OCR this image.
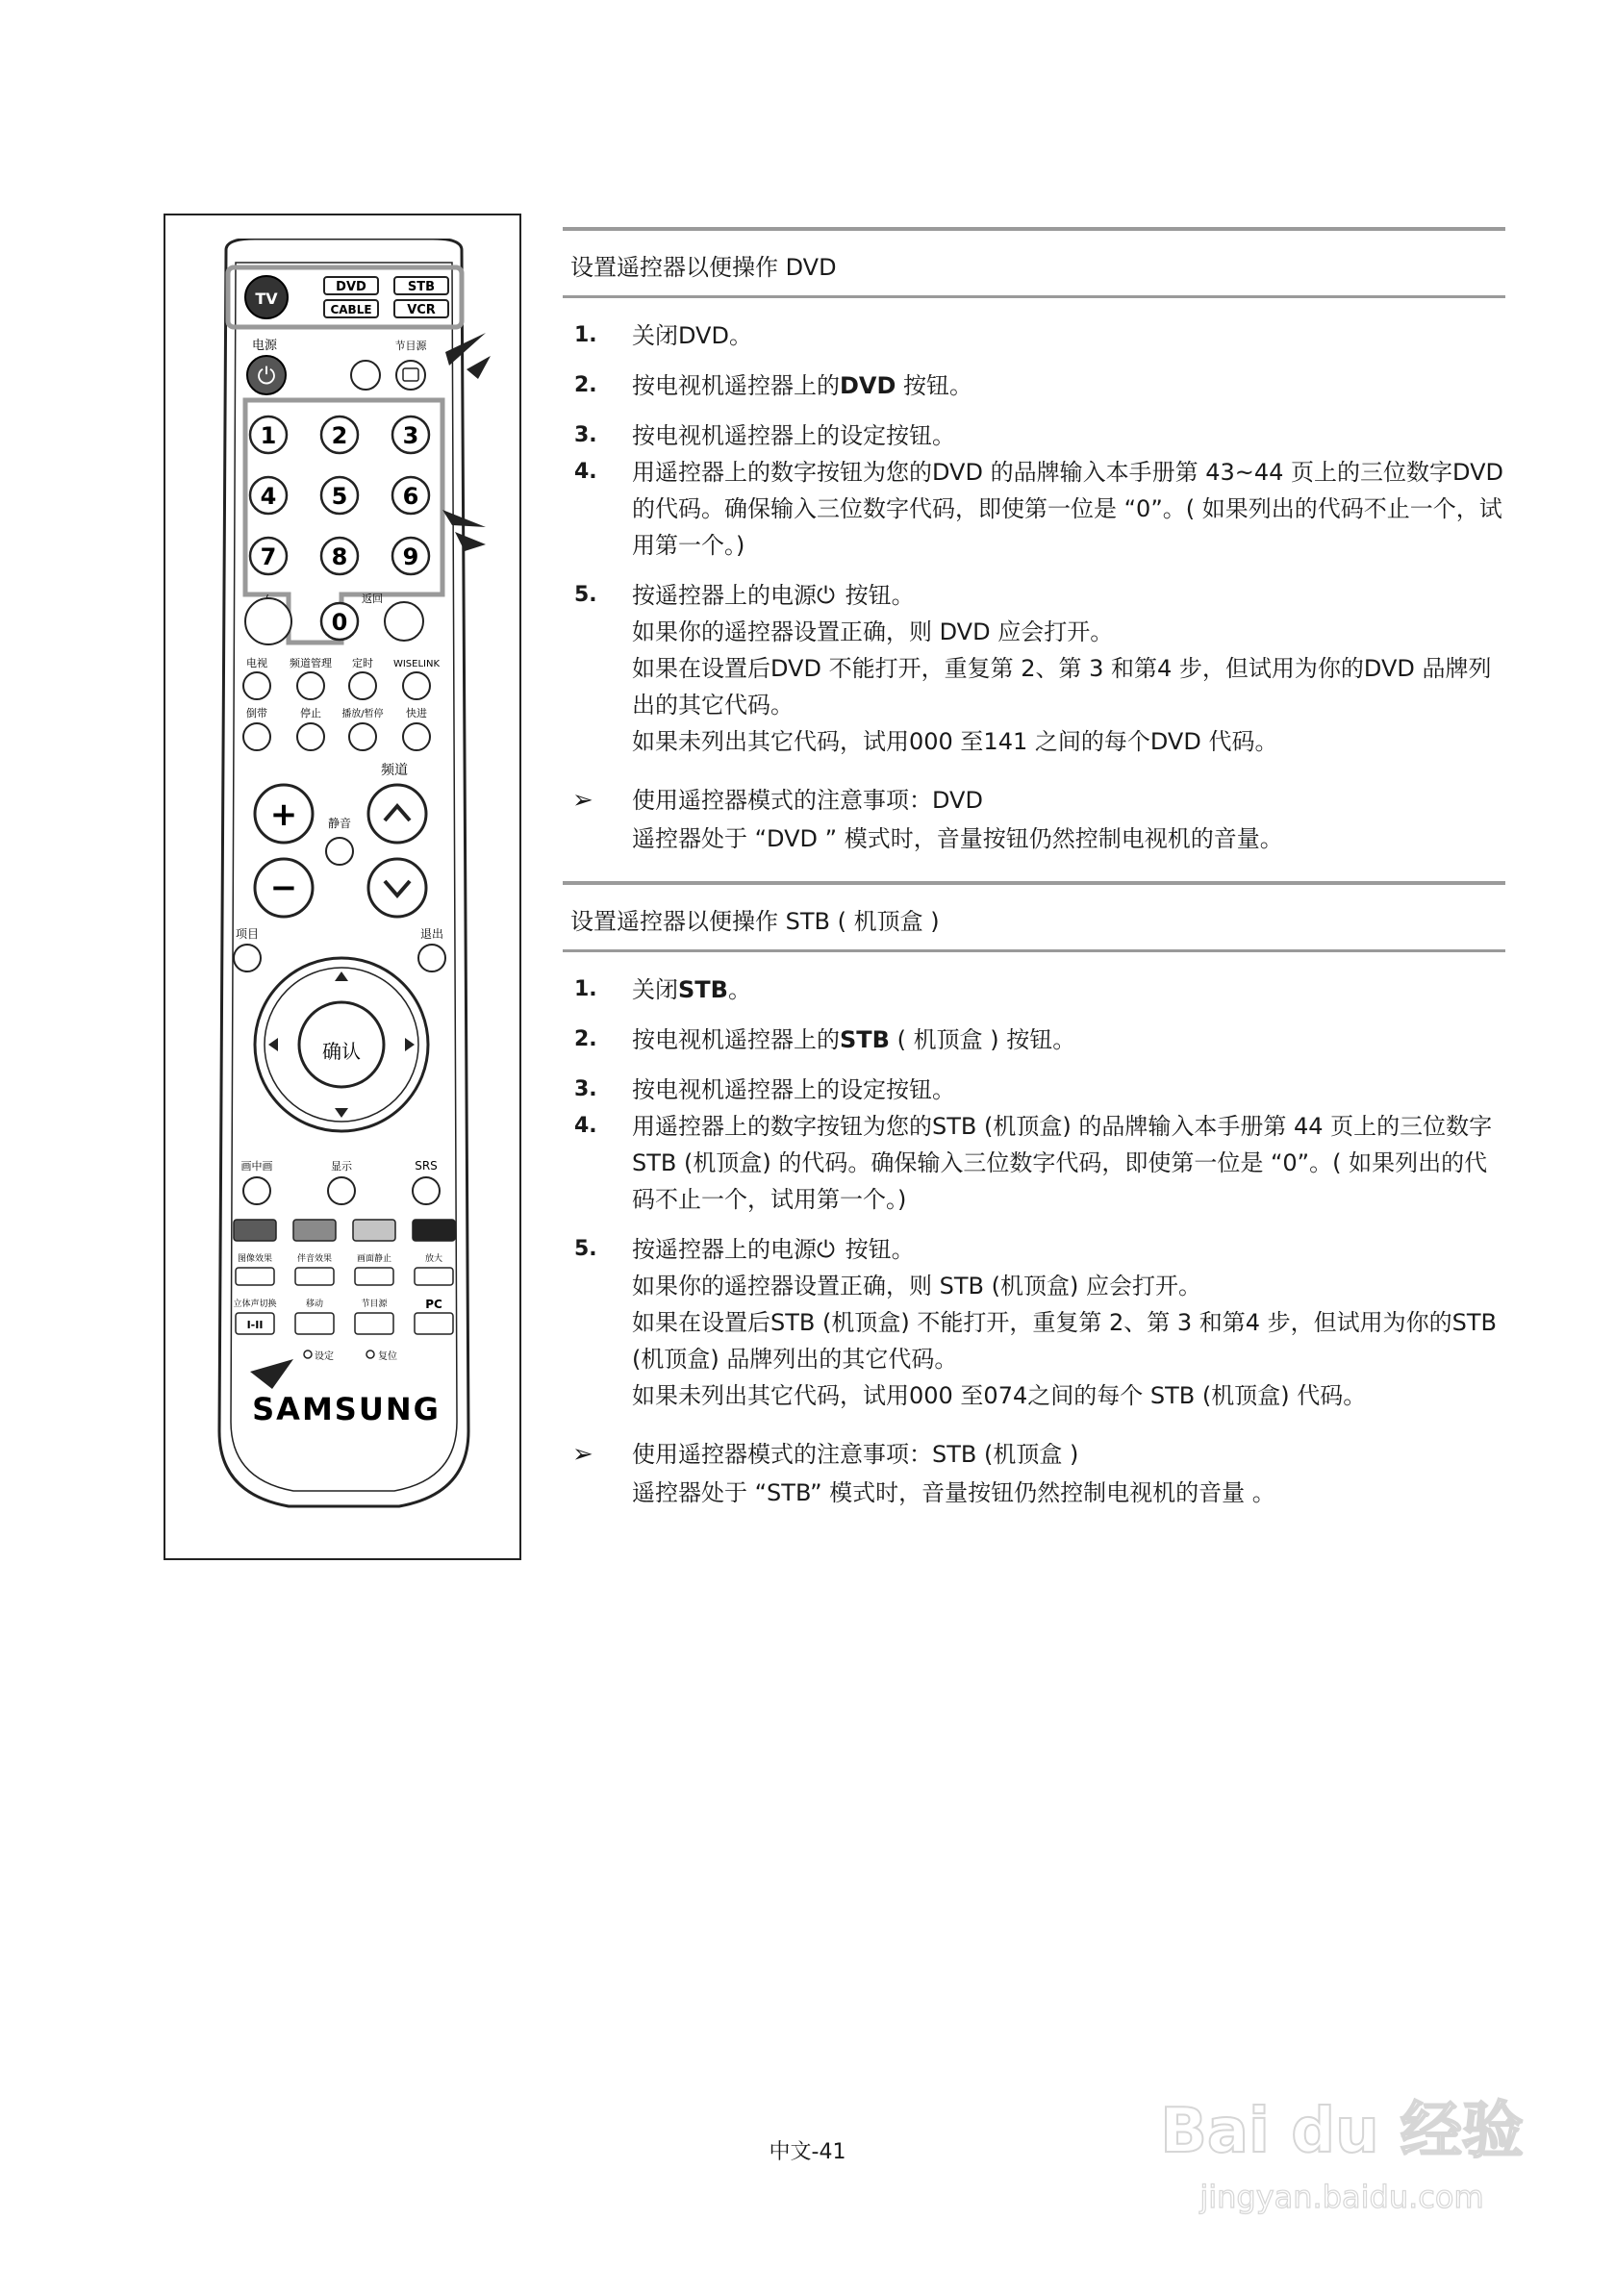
TV
DVD	STB
CABLE	VCR
电源	节目源
⏻
1 2 3
4 5 6
7 8 9
0
返回
电视 频道管理 定时 WISELINK
倒带	停止 播放/暂停 快进
频道
+
−
静音
项目	退出
确认
画中画	显示	SRS
图像效果	伴音效果	画面静止	放大
立体声切换	移动	节目源	PC
I-II
设定	复位
SAMSUNG
设置遥控器以便操作 DVD
1. 关闭DVD。
2. 按电视机遥控器上的DVD 按钮。
3. 按电视机遥控器上的设定按钮。
4. 用遥控器上的数字按钮为您的DVD 的品牌输入本手册第 43~44 页上的三位数字DVD 的代码。确保输入三位数字代码，即使第一位是 “0”。( 如果列出的代码不止一个，试用第一个。)
5. 按遥控器上的电源⏻ 按钮。
如果你的遥控器设置正确，则 DVD 应会打开。
如果在设置后DVD 不能打开，重复第 2、第 3 和第4 步，但试用为你的DVD 品牌列出的其它代码。
如果未列出其它代码，试用000 至141 之间的每个DVD 代码。
➢ 使用遥控器模式的注意事项：DVD
遥控器处于 “DVD ” 模式时，音量按钮仍然控制电视机的音量。
设置遥控器以便操作 STB ( 机顶盒 )
1. 关闭STB。
2. 按电视机遥控器上的STB ( 机顶盒 ) 按钮。
3. 按电视机遥控器上的设定按钮。
4. 用遥控器上的数字按钮为您的STB (机顶盒) 的品牌输入本手册第 44 页上的三位数字STB (机顶盒) 的代码。确保输入三位数字代码，即使第一位是 “0”。( 如果列出的代码不止一个，试用第一个。)
5. 按遥控器上的电源⏻ 按钮。
如果你的遥控器设置正确，则 STB (机顶盒) 应会打开。
如果在设置后STB (机顶盒) 不能打开，重复第 2、第 3 和第4 步，但试用为你的STB (机顶盒) 品牌列出的其它代码。
如果未列出其它代码，试用000 至074之间的每个 STB (机顶盒) 代码。
➢ 使用遥控器模式的注意事项：STB (机顶盒 )
遥控器处于 “STB” 模式时，音量按钮仍然控制电视机的音量 。
Bai du 经验
jingyan.baidu.com
中文-41
